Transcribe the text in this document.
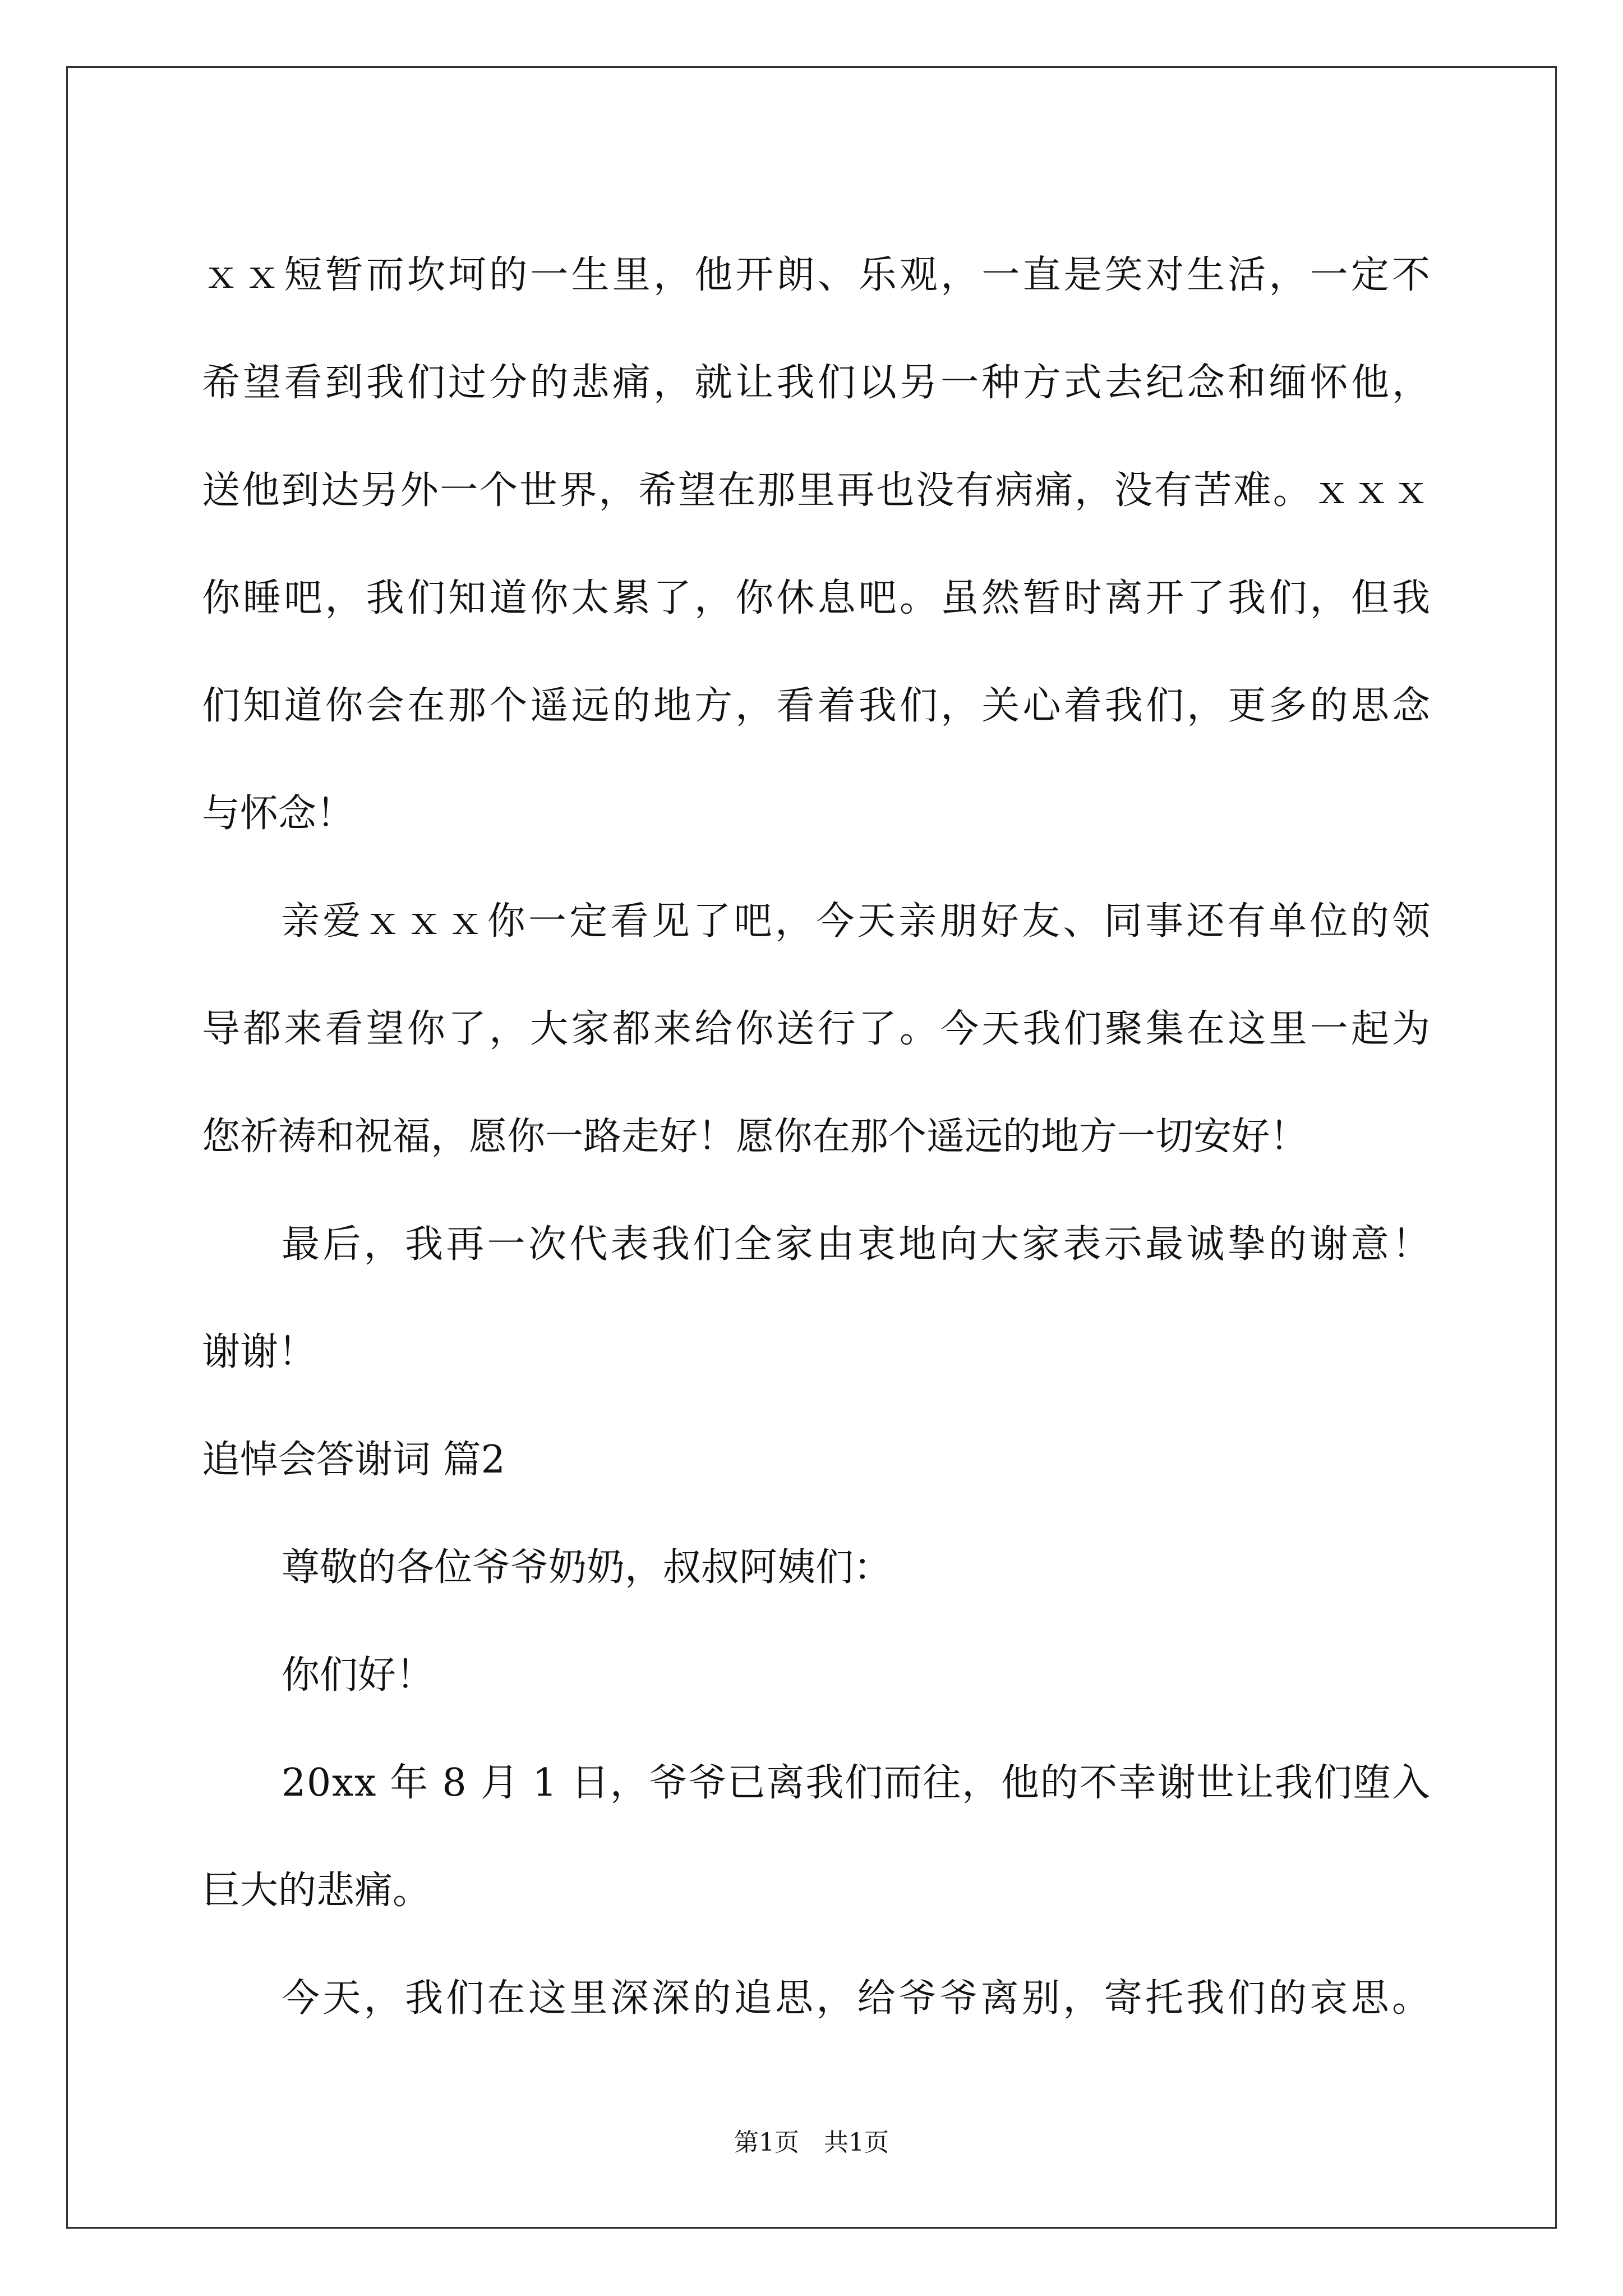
ｘｘ短暂而坎坷的一生里，他开朗、乐观，一直是笑对生活，一定不
希望看到我们过分的悲痛，就让我们以另一种方式去纪念和缅怀他，
送他到达另外一个世界，希望在那里再也没有病痛，没有苦难。ｘｘｘ
你睡吧，我们知道你太累了，你休息吧。虽然暂时离开了我们，但我
们知道你会在那个遥远的地方，看着我们，关心着我们，更多的思念
与怀念！
亲爱ｘｘｘ你一定看见了吧，今天亲朋好友、同事还有单位的领
导都来看望你了，大家都来给你送行了。今天我们聚集在这里一起为
您祈祷和祝福，愿你一路走好！愿你在那个遥远的地方一切安好！
最后，我再一次代表我们全家由衷地向大家表示最诚挚的谢意！
谢谢！
追悼会答谢词 篇2
尊敬的各位爷爷奶奶，叔叔阿姨们：
你们好！
20xx 年 8 月 1 日，爷爷已离我们而往，他的不幸谢世让我们堕入
巨大的悲痛。
今天，我们在这里深深的追思，给爷爷离别，寄托我们的哀思。
第1页　共1页
